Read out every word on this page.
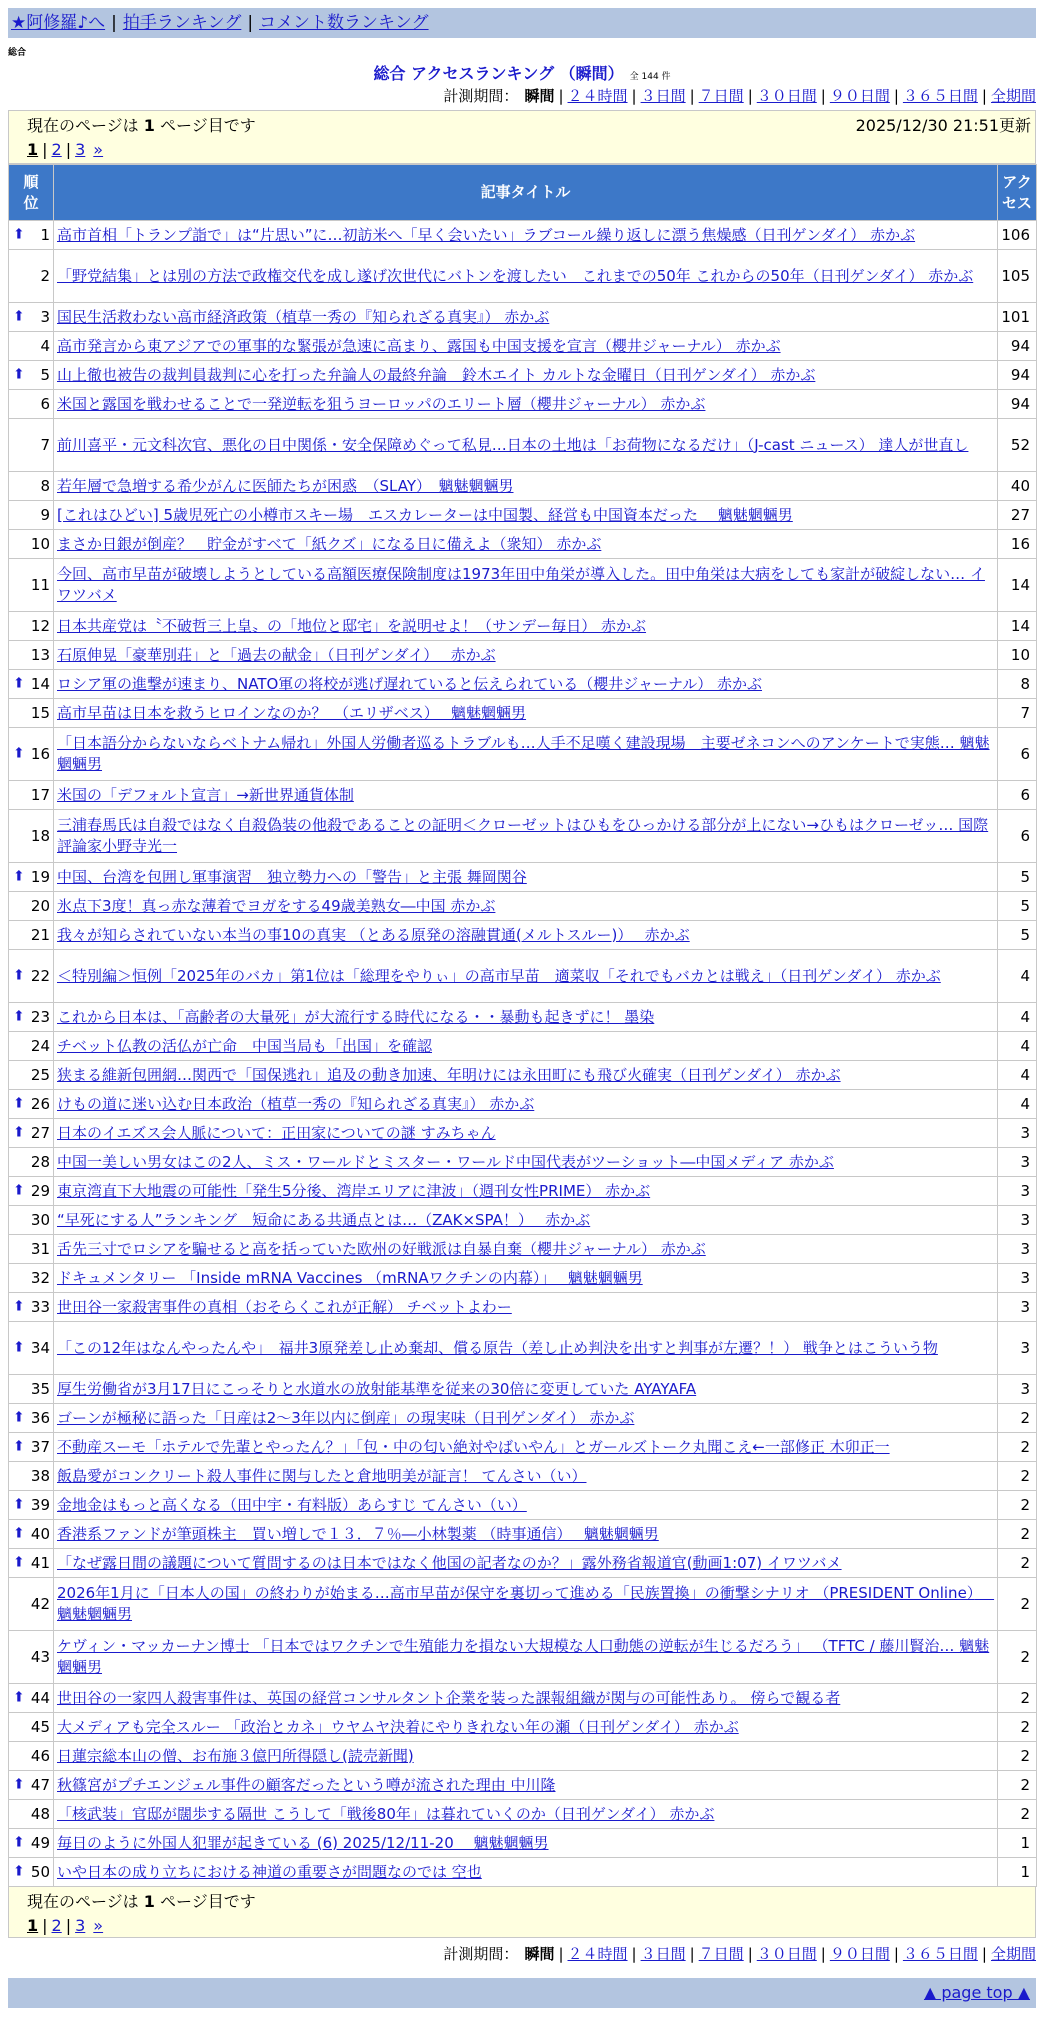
★阿修羅♪へ | 拍手ランキング | コメント数ランキング
総合
総合 アクセスランキング （瞬間） 全 144 件
計測期間： 瞬間 | ２４時間 | ３日間 | ７日間 | ３０日間 | ９０日間 | ３６５日間 | 全期間
現在のページは 1 ページ目です	2025/12/30 21:51更新
1 | 2 | 3 »
順位	記事タイトル	アクセス

⬆ 1	高市首相「トランプ詣で」は“片思い”に…初訪米へ「早く会いたい」ラブコール繰り返しに漂う焦燥感（日刊ゲンダイ） 赤かぶ	106
2	「野党結集」とは別の方法で政権交代を成し遂げ次世代にバトンを渡したい　これまでの50年 これからの50年（日刊ゲンダイ） 赤かぶ	105

⬆ 3	国民生活救わない高市経済政策（植草一秀の『知られざる真実』） 赤かぶ	101
4	高市発言から東アジアでの軍事的な緊張が急速に高まり、露国も中国支援を宣言（櫻井ジャーナル） 赤かぶ	94

⬆ 5	山上徹也被告の裁判員裁判に心を打った弁論人の最終弁論　鈴木エイト カルトな金曜日（日刊ゲンダイ） 赤かぶ	94
6	米国と露国を戦わせることで一発逆転を狙うヨーロッパのエリート層（櫻井ジャーナル） 赤かぶ	94
7	前川喜平・元文科次官、悪化の日中関係・安全保障めぐって私見…日本の土地は「お荷物になるだけ」（J-cast ニュース） 達人が世直し	52
8	若年層で急増する希少がんに医師たちが困惑　（SLAY）　魑魅魍魎男	40
9	[これはひどい] 5歳児死亡の小樽市スキー場　エスカレーターは中国製、経営も中国資本だった　 魑魅魍魎男	27
10	まさか日銀が倒産？　貯金がすべて「紙クズ」になる日に備えよ（衆知） 赤かぶ	16
11	今回、高市早苗が破壊しようとしている高額医療保険制度は1973年田中角栄が導入した。田中角栄は大病をしても家計が破綻しない… イワツバメ	14
12	日本共産党は〝不破哲三上皇〟の「地位と邸宅」を説明せよ！（サンデー毎日） 赤かぶ	14
13	石原伸晃「豪華別荘」と「過去の献金」（日刊ゲンダイ）　 赤かぶ	10

⬆ 14	ロシア軍の進撃が速まり、NATO軍の将校が逃げ遅れていると伝えられている（櫻井ジャーナル） 赤かぶ	8
15	高市早苗は日本を救うヒロインなのか？　（エリザベス）　 魑魅魍魎男	7

⬆ 16	「日本語分からないならベトナム帰れ」外国人労働者巡るトラブルも…人手不足嘆く建設現場　主要ゼネコンへのアンケートで実態… 魑魅魍魎男	6
17	米国の「デフォルト宣言」→新世界通貨体制	6
18	三浦春馬氏は自殺ではなく自殺偽装の他殺であることの証明＜クローゼットはひもをひっかける部分が上にない→ひもはクローゼッ… 国際評論家小野寺光一	6

⬆ 19	中国、台湾を包囲し軍事演習　独立勢力への「警告」と主張 舞岡関谷	5
20	氷点下3度！真っ赤な薄着でヨガをする49歳美熟女―中国 赤かぶ	5
21	我々が知らされていない本当の事10の真実 （とある原発の溶融貫通(メルトスルー)）　 赤かぶ	5

⬆ 22	＜特別編＞恒例「2025年のバカ」第1位は「総理をやりぃ」の高市早苗　適菜収「それでもバカとは戦え」（日刊ゲンダイ） 赤かぶ	4

⬆ 23	これから日本は、「高齢者の大量死」が大流行する時代になる・・暴動も起きずに！ 墨染	4
24	チベット仏教の活仏が亡命　中国当局も「出国」を確認	4
25	狭まる維新包囲網…関西で「国保逃れ」追及の動き加速、年明けには永田町にも飛び火確実（日刊ゲンダイ） 赤かぶ	4

⬆ 26	けもの道に迷い込む日本政治（植草一秀の『知られざる真実』） 赤かぶ	4

⬆ 27	日本のイエズス会人脈について：正田家についての謎 すみちゃん	3
28	中国一美しい男女はこの2人、ミス・ワールドとミスター・ワールド中国代表がツーショット―中国メディア 赤かぶ	3

⬆ 29	東京湾直下大地震の可能性「発生5分後、湾岸エリアに津波」（週刊女性PRIME） 赤かぶ	3
30	“早死にする人”ランキング　短命にある共通点とは…（ZAK×SPA！）　 赤かぶ	3
31	舌先三寸でロシアを騙せると高を括っていた欧州の好戦派は自暴自棄（櫻井ジャーナル） 赤かぶ	3
32	ドキュメンタリー 「Inside mRNA Vaccines （mRNAワクチンの内幕）」　 魑魅魍魎男	3

⬆ 33	世田谷一家殺害事件の真相（おそらくこれが正解） チベットよわー	3

⬆ 34	「この12年はなんやったんや」　福井3原発差し止め棄却、償る原告（差し止め判決を出すと判事が左遷？！） 戦争とはこういう物	3
35	厚生労働省が3月17日にこっそりと水道水の放射能基準を従来の30倍に変更していた AYAYAFA	3

⬆ 36	ゴーンが極秘に語った「日産は2～3年以内に倒産」の現実味（日刊ゲンダイ） 赤かぶ	2

⬆ 37	不動産スーモ「ホテルで先輩とやったん？」「包・中の匂い絶対やばいやん」とガールズトーク丸聞こえ←一部修正 木卯正一	2
38	飯島愛がコンクリート殺人事件に関与したと倉地明美が証言！ てんさい（い）	2

⬆ 39	金地金はもっと高くなる（田中宇・有料版）あらすじ てんさい（い）	2

⬆ 40	香港系ファンドが筆頭株主　買い増しで１３．７％―小林製薬 （時事通信）　 魑魅魍魎男	2

⬆ 41	「なぜ露日間の議題について質問するのは日本ではなく他国の記者なのか？」露外務省報道官(動画1:07) イワツバメ	2
42	2026年1月に「日本人の国」の終わりが始まる…高市早苗が保守を裏切って進める「民族置換」の衝撃シナリオ （PRESIDENT Online）　 魑魅魍魎男	2
43	ケヴィン・マッカーナン博士 「日本ではワクチンで生殖能力を損ない大規模な人口動態の逆転が生じるだろう」 （TFTC / 藤川賢治… 魑魅魍魎男	2

⬆ 44	世田谷の一家四人殺害事件は、英国の経営コンサルタント企業を装った課報組織が関与の可能性あり。 傍らで観る者	2
45	大メディアも完全スルー 「政治とカネ」ウヤムヤ決着にやりきれない年の瀬（日刊ゲンダイ） 赤かぶ	2
46	日蓮宗総本山の僧、お布施３億円所得隠し(読売新聞)	2

⬆ 47	秋篠宮がプチエンジェル事件の顧客だったという噂が流された理由 中川隆	2
48	「核武装」官邸が闊歩する隔世 こうして「戦後80年」は暮れていくのか（日刊ゲンダイ） 赤かぶ	2

⬆ 49	毎日のように外国人犯罪が起きている (6) 2025/12/11-20　 魑魅魍魎男	1

⬆ 50	いや日本の成り立ちにおける神道の重要さが問題なのでは 空也	1
現在のページは 1 ページ目です
1 | 2 | 3 »
計測期間： 瞬間 | ２４時間 | ３日間 | ７日間 | ３０日間 | ９０日間 | ３６５日間 | 全期間
▲ page top ▲
